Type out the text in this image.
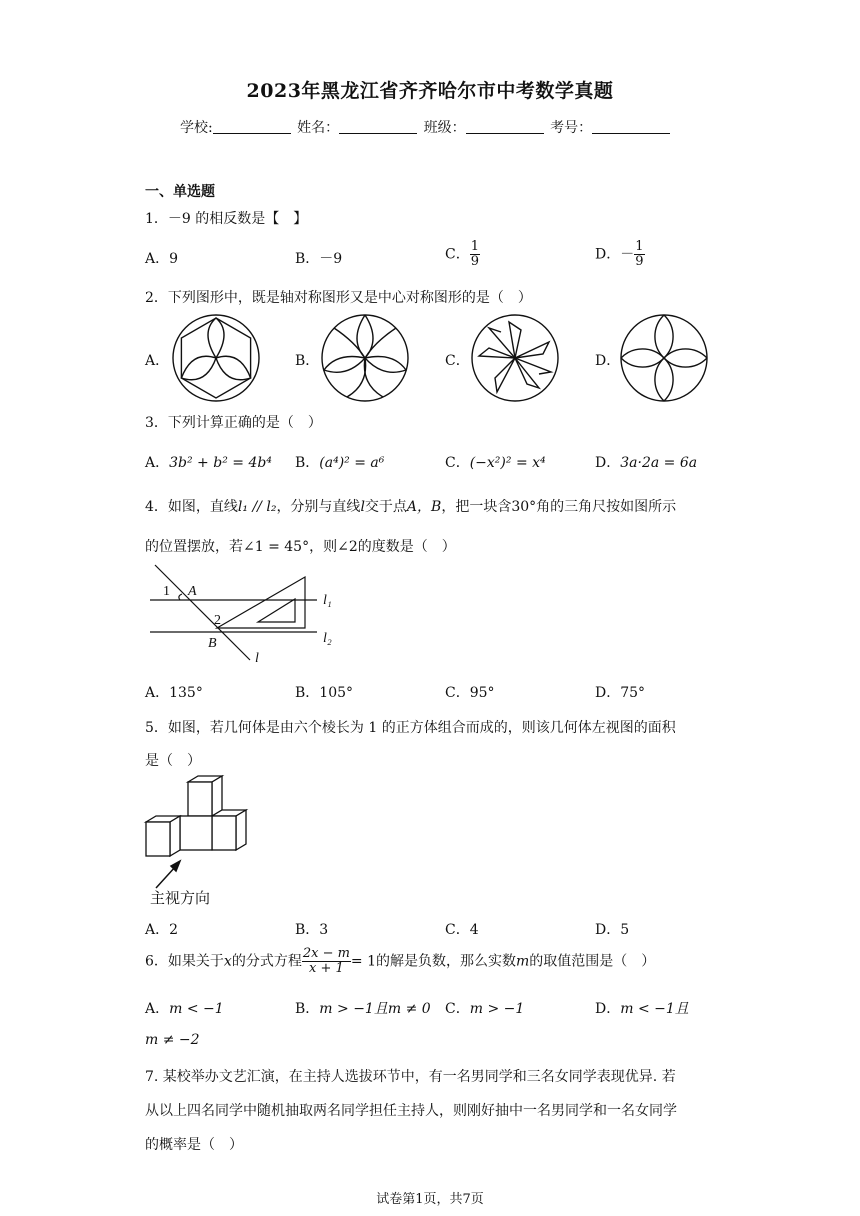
2023年黑龙江省齐齐哈尔市中考数学真题
学校:	姓名：	班级：	考号：
一、单选题
1．－9 的相反数是【　】
A．9	B．－9	C． $\frac{1}{9}$	D．－ $\frac{1}{9}$
2．下列图形中，既是轴对称图形又是中心对称图形的是（　）
A．	B．	C．	D．
3．下列计算正确的是（　）
A．3b² + b² = 4b⁴ B．(a⁴)² = a⁶	C．(−x²)² = x⁴	D．3a·2a = 6a
4．如图，直线l₁ // l₂，分别与直线l交于点A，B，把一块含30°角的三角尺按如图所示
的位置摆放，若∠1 = 45°，则∠2的度数是（　）
1 A
2
B
l
l₁
l₂
A．135°	B．105°	C．95°	D．75°
5．如图，若几何体是由六个棱长为 1 的正方体组合而成的，则该几何体左视图的面积
是（　）
主视方向
A．2	B．3	C．4	D．5
6．如果关于x的分式方程 $\frac{2x - m}{x + 1} = 1$的解是负数，那么实数m的取值范围是（　）
A．m < −1	B．m > −1且m ≠ 0 C．m > −1	D．m < −1且
m ≠ −2
7. 某校举办文艺汇演，在主持人选拔环节中，有一名男同学和三名女同学表现优异. 若
从以上四名同学中随机抽取两名同学担任主持人，则刚好抽中一名男同学和一名女同学
的概率是（　）
试卷第1页，共7页
